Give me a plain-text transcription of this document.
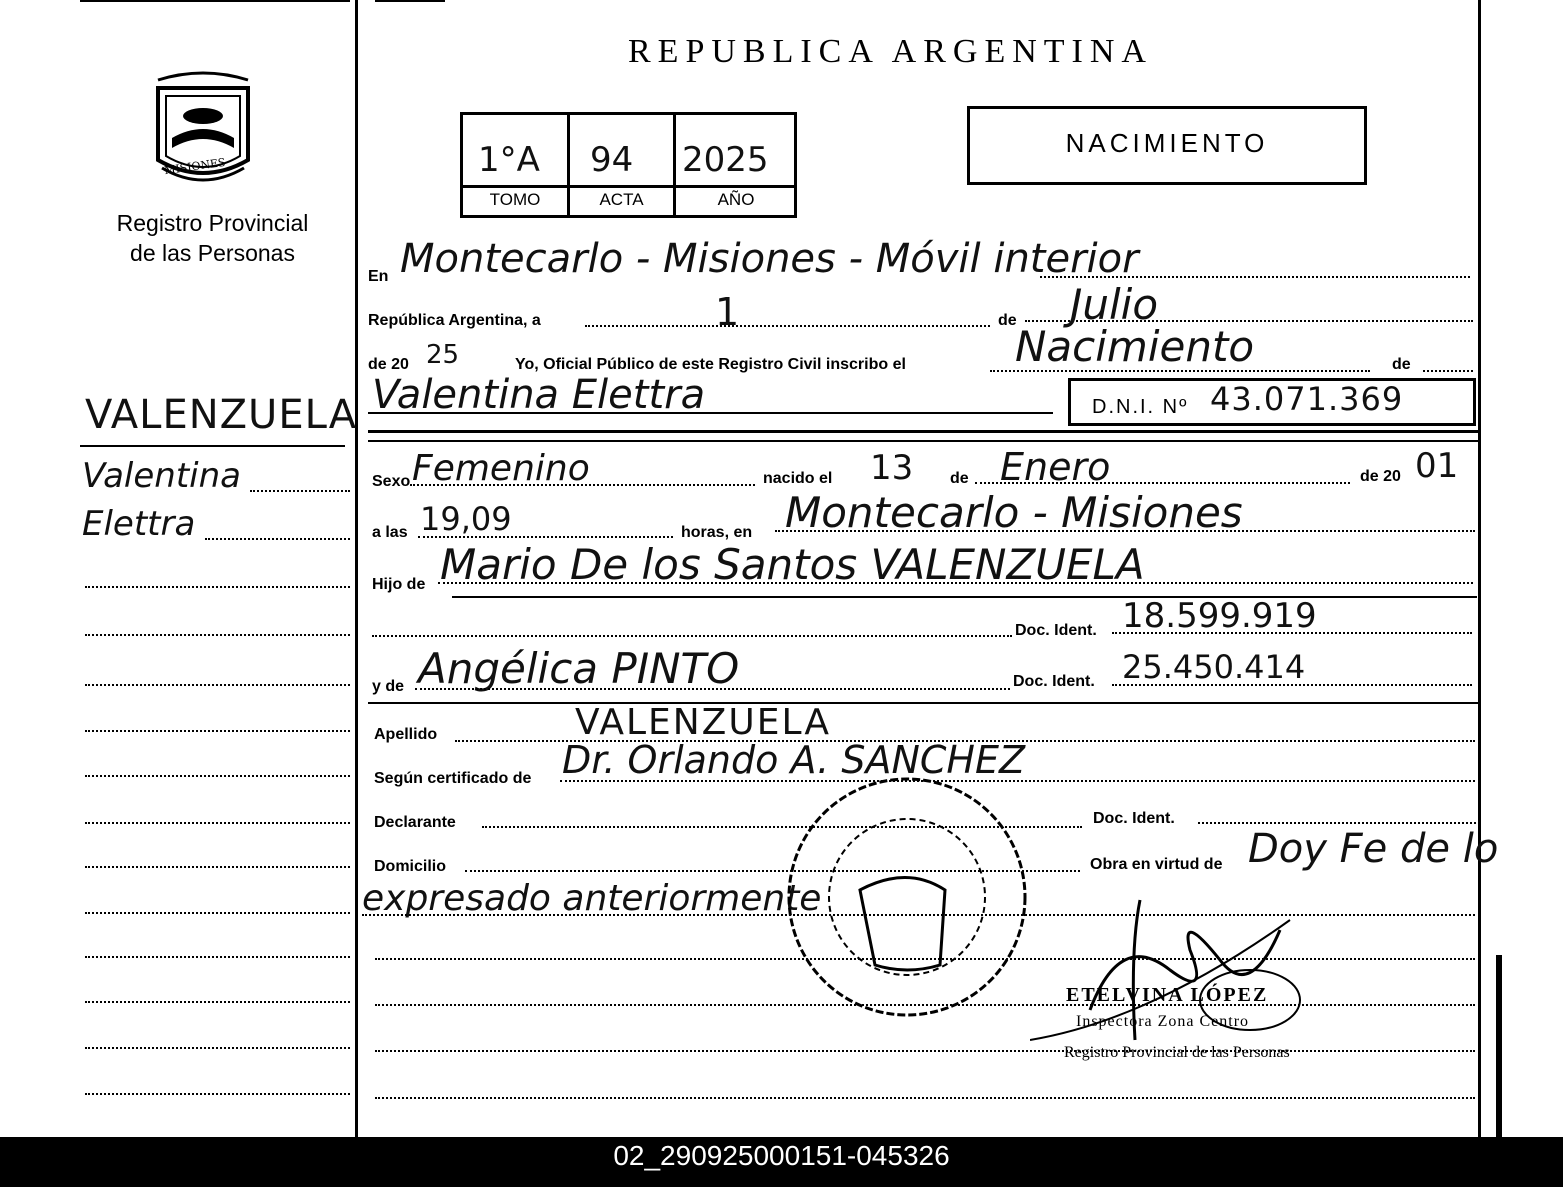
MISIONES
Registro Provincial
de las Personas
VALENZUELA
Valentina
Elettra
REPUBLICA ARGENTINA
1°A 94 2025
TOMO	ACTA	AÑO
NACIMIENTO
En Montecarlo - Misiones - Móvil interior
República Argentina, a	1	de Julio
de 20 25	Yo, Oficial Público de este Registro Civil inscribo el	Nacimiento	de
Valentina Elettra	D.N.I. Nº 43.071.369
Sexo Femenino	nacido el 13 de Enero	de 20 01
a las 19,09	horas, en Montecarlo - Misiones
Hijo de Mario De los Santos VALENZUELA
Doc. Ident. 18.599.919
y de Angélica PINTO	Doc. Ident. 25.450.414
Apellido	VALENZUELA
Según certificado de Dr. Orlando A. SANCHEZ
Declarante	Doc. Ident.
Domicilio	Obra en virtud de Doy Fe de lo
expresado anteriormente
ETELVINA LÓPEZ
Inspectora Zona Centro
Registro Provincial de las Personas
02_290925000151-045326
